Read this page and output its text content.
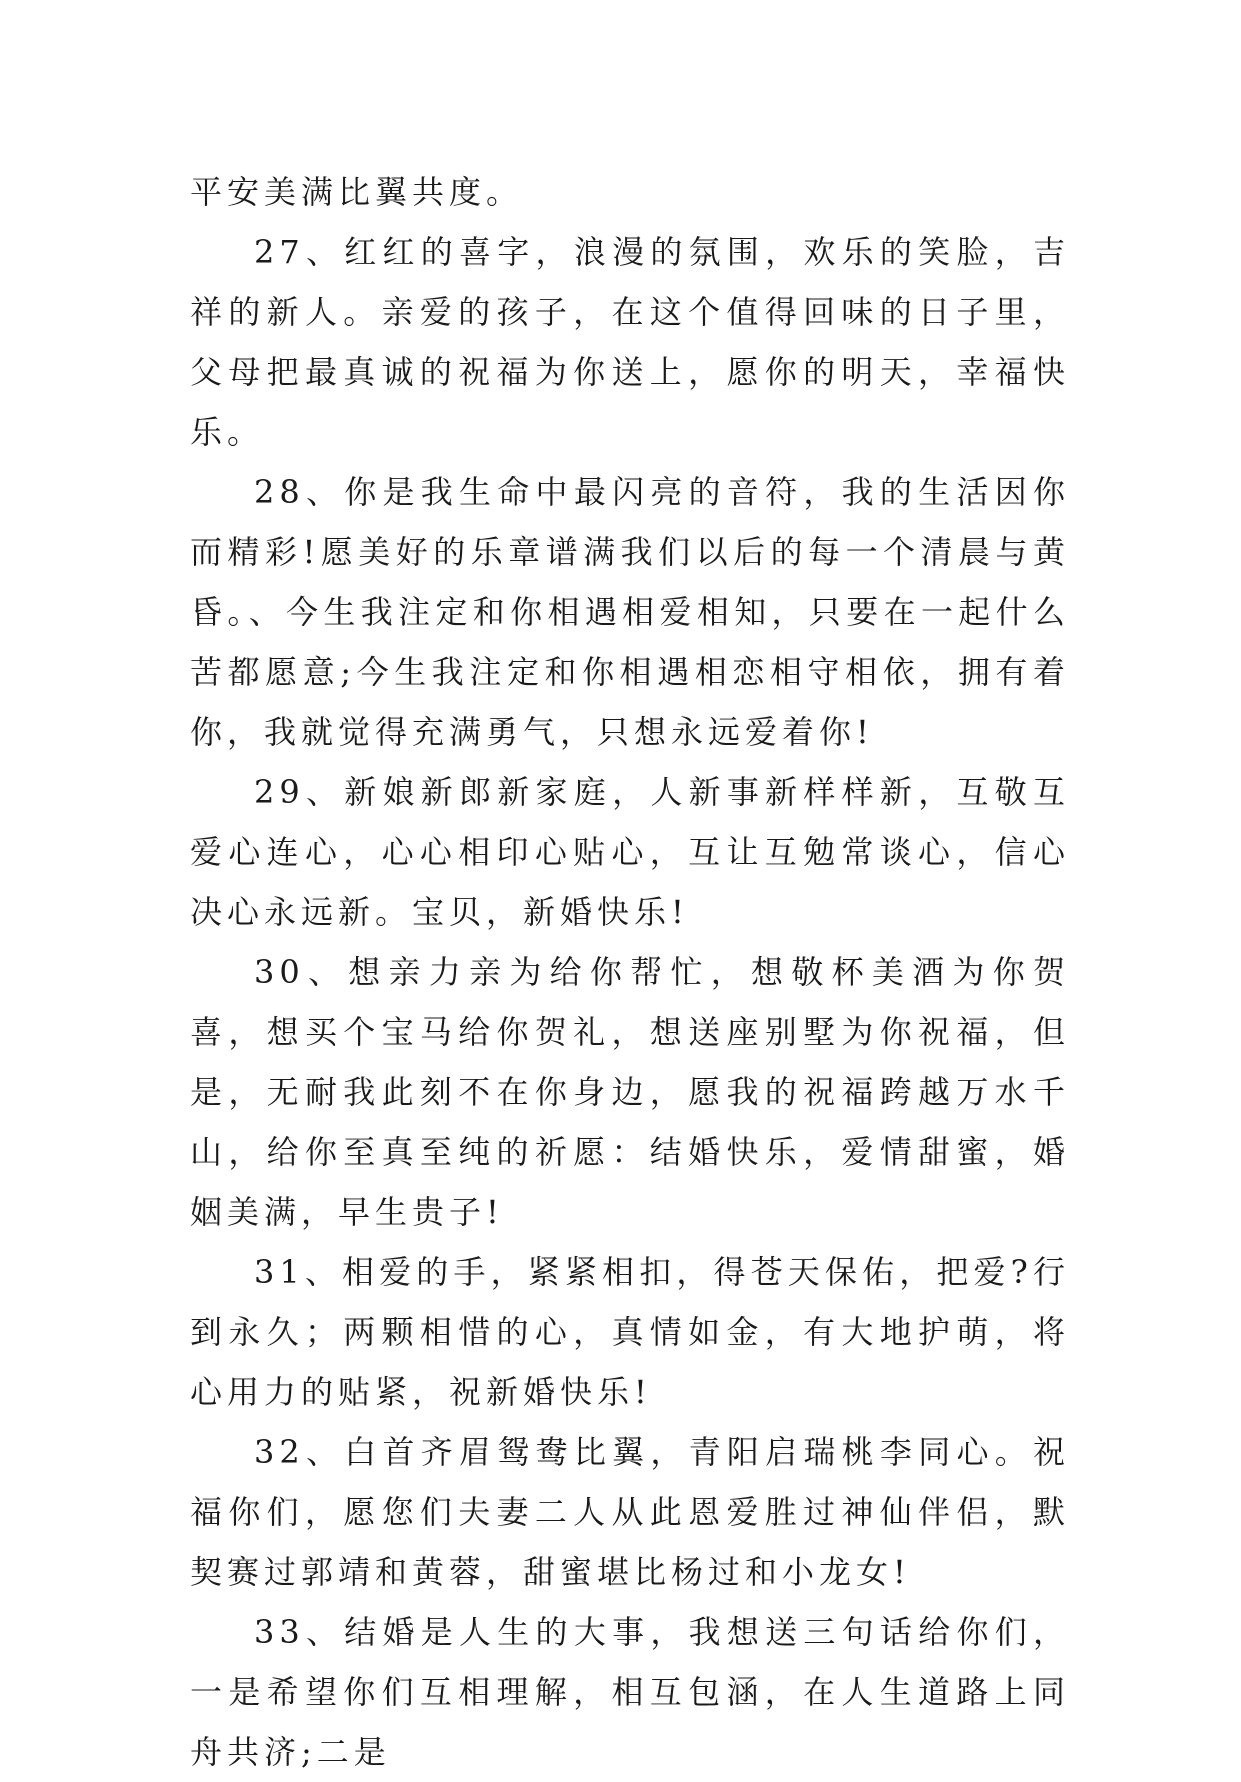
平安美满比翼共度。

27、红红的喜字，浪漫的氛围，欢乐的笑脸，吉祥的新人。亲爱的孩子，在这个值得回味的日子里，父母把最真诚的祝福为你送上，愿你的明天，幸福快乐。

28、你是我生命中最闪亮的音符，我的生活因你而精彩!愿美好的乐章谱满我们以后的每一个清晨与黄昏。、今生我注定和你相遇相爱相知，只要在一起什么苦都愿意;今生我注定和你相遇相恋相守相依，拥有着你，我就觉得充满勇气，只想永远爱着你!

29、新娘新郎新家庭，人新事新样样新，互敬互爱心连心，心心相印心贴心，互让互勉常谈心，信心决心永远新。宝贝，新婚快乐!

30、想亲力亲为给你帮忙，想敬杯美酒为你贺喜，想买个宝马给你贺礼，想送座别墅为你祝福，但是，无耐我此刻不在你身边，愿我的祝福跨越万水千山，给你至真至纯的祈愿：结婚快乐，爱情甜蜜，婚姻美满，早生贵子!

31、相爱的手，紧紧相扣，得苍天保佑，把爱?行到永久；两颗相惜的心，真情如金，有大地护萌，将心用力的贴紧，祝新婚快乐!

32、白首齐眉鸳鸯比翼，青阳启瑞桃李同心。祝福你们，愿您们夫妻二人从此恩爱胜过神仙伴侣，默契赛过郭靖和黄蓉，甜蜜堪比杨过和小龙女!

33、结婚是人生的大事，我想送三句话给你们，一是希望你们互相理解，相互包涵，在人生道路上同舟共济;二是
